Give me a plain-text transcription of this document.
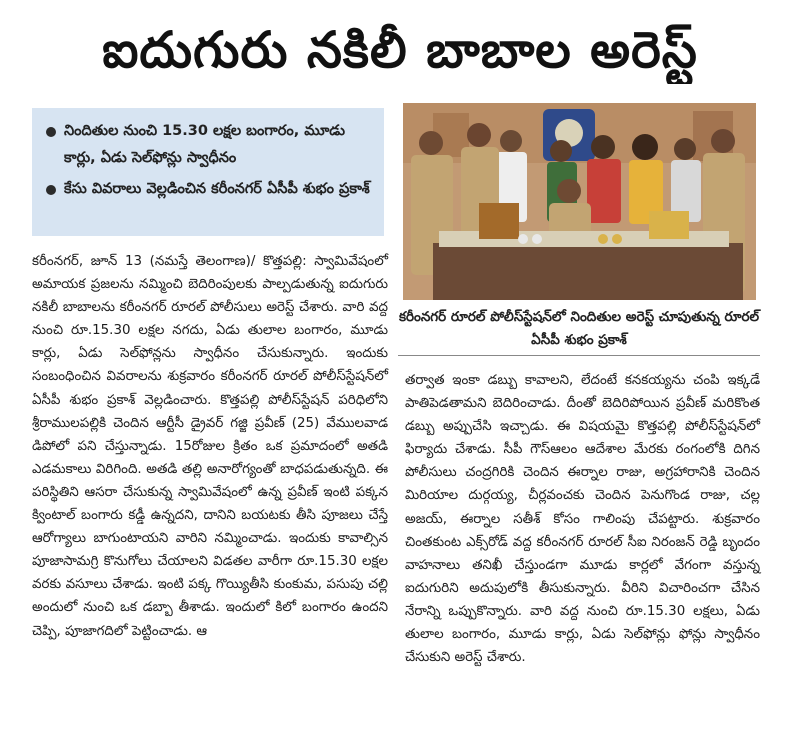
ఐదుగురు నకిలీ బాబాల అరెస్ట్
నిందితుల నుంచి 15.30 లక్షల బంగారం, మూడు కార్లు, ఏడు సెల్‌ఫోన్లు స్వాధీనం
కేసు వివరాలు వెల్లడించిన కరీంనగర్ ఏసీపీ శుభం ప్రకాశ్
కరీంనగర్ రూరల్ పోలీస్‌స్టేషన్‌లో నిందితుల అరెస్ట్ చూపుతున్న రూరల్ ఏసీపీ శుభం ప్రకాశ్

కరీంనగర్, జూన్ 13 (నమస్తే తెలంగాణ)/ కొత్తపల్లి: స్వామివేషంలో అమాయక ప్రజలను నమ్మించి బెదిరింపులకు పాల్పడుతున్న ఐదుగురు నకిలీ బాబాలను కరీంనగర్ రూరల్ పోలీసులు అరెస్ట్ చేశారు. వారి వద్ద నుంచి రూ.15.30 లక్షల నగదు, ఏడు తులాల బంగారం, మూడు కార్లు, ఏడు సెల్‌ఫోన్లను స్వాధీనం చేసుకున్నారు. ఇందుకు సంబంధించిన వివరాలను శుక్రవారం కరీంనగర్ రూరల్ పోలీస్‌స్టేషన్‌లో ఏసీపీ శుభం ప్రకాశ్ వెల్లడించారు. కొత్తపల్లి పోలీస్‌స్టేషన్ పరిధిలోని శ్రీరాములపల్లికి చెందిన ఆర్టీసీ డ్రైవర్ గజ్జి ప్రవీణ్ (25) వేములవాడ డిపోలో పని చేస్తున్నాడు. 15రోజుల క్రితం ఒక ప్రమాదంలో అతడి ఎడమకాలు విరిగింది. అతడి తల్లి అనారోగ్యంతో బాధపడుతున్నది. ఈ పరిస్థితిని ఆసరా చేసుకున్న స్వామివేషంలో ఉన్న ప్రవీణ్ ఇంటి పక్కన క్వింటాల్ బంగారు కడ్డీ ఉన్నదని, దానిని బయటకు తీసి పూజలు చేస్తే ఆరోగ్యాలు బాగుంటాయని వారిని నమ్మించాడు. ఇందుకు కావాల్సిన పూజాసామగ్రి కొనుగోలు చేయాలని విడతల వారీగా రూ.15.30 లక్షల వరకు వసూలు చేశాడు. ఇంటి పక్క గొయ్యితీసి కుంకుమ, పసుపు చల్లి అందులో నుంచి ఒక డబ్బా తీశాడు. ఇందులో కిలో బంగారం ఉందని చెప్పి, పూజాగదిలో పెట్టించాడు. ఆ

తర్వాత ఇంకా డబ్బు కావాలని, లేదంటే కనకయ్యను చంపి ఇక్కడే పాతిపెడతామని బెదిరించాడు. దీంతో బెదిరిపోయిన ప్రవీణ్ మరికొంత డబ్బు అప్పుచేసి ఇచ్చాడు. ఈ విషయమై కొత్తపల్లి పోలీస్‌స్టేషన్‌లో ఫిర్యాదు చేశాడు. సీపీ గౌస్‌ఆలం ఆదేశాల మేరకు రంగంలోకి దిగిన పోలీసులు చంద్రగిరికి చెందిన ఈర్నాల రాజు, అగ్రహారానికి చెందిన మిరియాల దుర్గయ్య, చీర్లవంచకు చెందిన పెనుగొండ రాజు, చల్ల అజయ్, ఈర్నాల సతీశ్ కోసం గాలింపు చేపట్టారు. శుక్రవారం చింతకుంట ఎక్స్‌రోడ్ వద్ద కరీంనగర్ రూరల్ సీఐ నిరంజన్ రెడ్డి బృందం వాహనాలు తనిఖీ చేస్తుండగా మూడు కార్లలో వేగంగా వస్తున్న ఐదుగురిని అదుపులోకి తీసుకున్నారు. వీరిని విచారించగా చేసిన నేరాన్ని ఒప్పుకొన్నారు. వారి వద్ద నుంచి రూ.15.30 లక్షలు, ఏడు తులాల బంగారం, మూడు కార్లు, ఏడు సెల్‌ఫోన్లు ఫోన్లు స్వాధీనం చేసుకుని అరెస్ట్ చేశారు.
